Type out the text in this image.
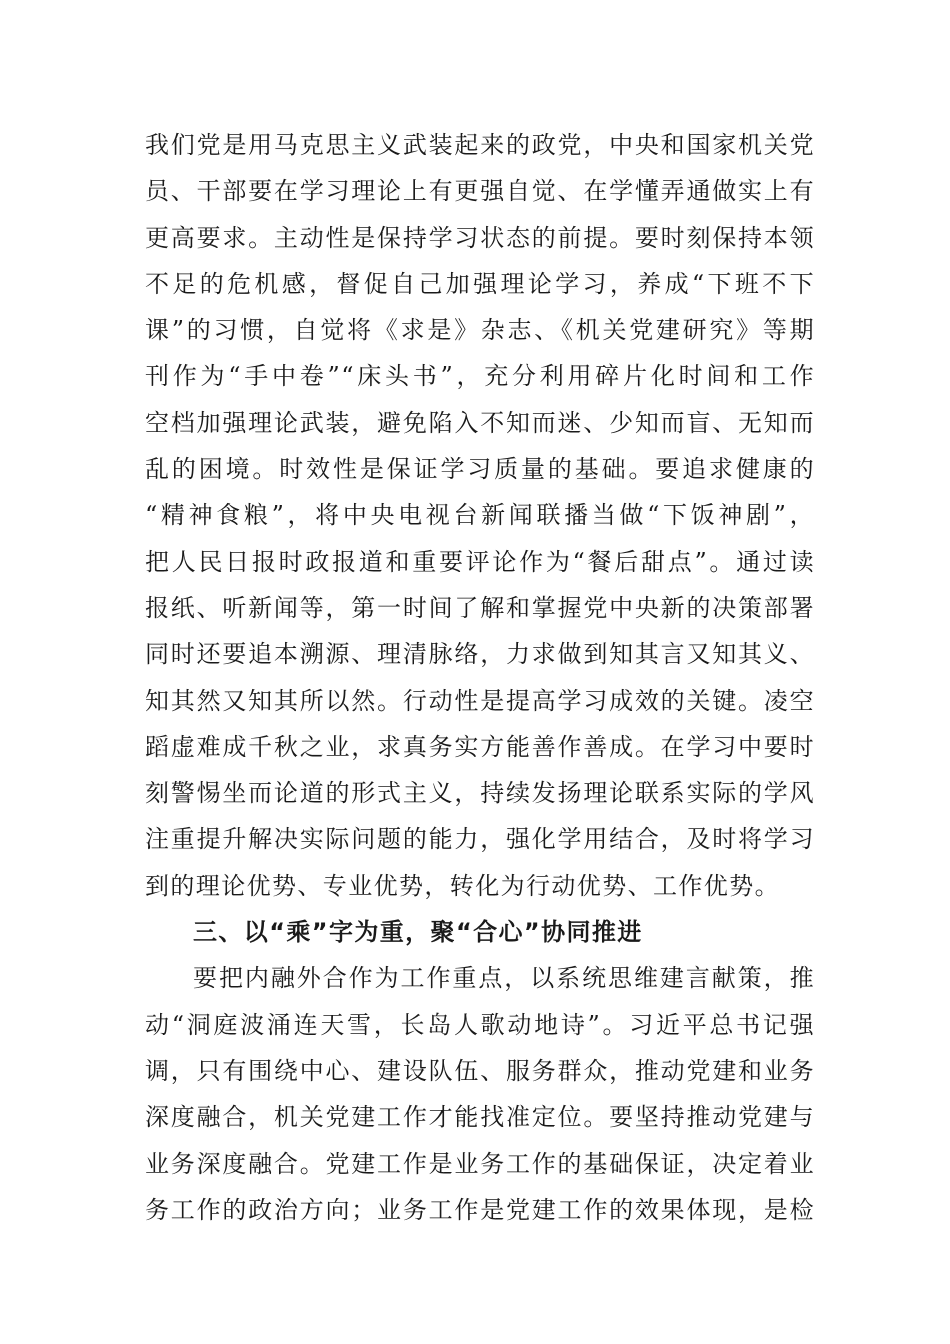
我们党是用马克思主义武装起来的政党，中央和国家机关党
员、干部要在学习理论上有更强自觉、在学懂弄通做实上有
更高要求。主动性是保持学习状态的前提。要时刻保持本领
不足的危机感，督促自己加强理论学习，养成“下班不下
课”的习惯，自觉将《求是》杂志、《机关党建研究》等期
刊作为“手中卷”“床头书”，充分利用碎片化时间和工作
空档加强理论武装，避免陷入不知而迷、少知而盲、无知而
乱的困境。时效性是保证学习质量的基础。要追求健康的
“精神食粮”，将中央电视台新闻联播当做“下饭神剧”，
把人民日报时政报道和重要评论作为“餐后甜点”。通过读
报纸、听新闻等，第一时间了解和掌握党中央新的决策部署
同时还要追本溯源、理清脉络，力求做到知其言又知其义、
知其然又知其所以然。行动性是提高学习成效的关键。凌空
蹈虚难成千秋之业，求真务实方能善作善成。在学习中要时
刻警惕坐而论道的形式主义，持续发扬理论联系实际的学风
注重提升解决实际问题的能力，强化学用结合，及时将学习
到的理论优势、专业优势，转化为行动优势、工作优势。
三、以“乘”字为重，聚“合心”协同推进
要把内融外合作为工作重点，以系统思维建言献策，推
动“洞庭波涌连天雪，长岛人歌动地诗”。习近平总书记强
调，只有围绕中心、建设队伍、服务群众，推动党建和业务
深度融合，机关党建工作才能找准定位。要坚持推动党建与
业务深度融合。党建工作是业务工作的基础保证，决定着业
务工作的政治方向；业务工作是党建工作的效果体现，是检
